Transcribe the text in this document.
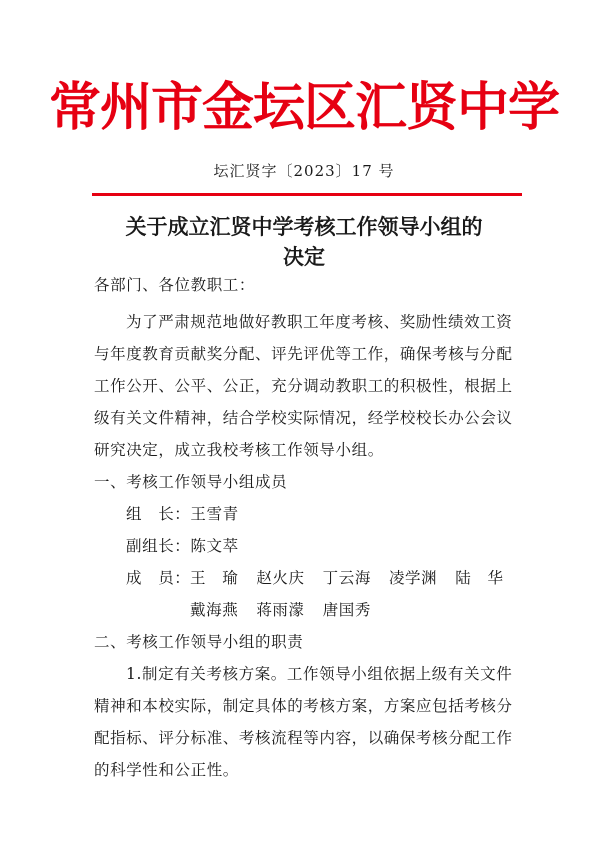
常州市金坛区汇贤中学
坛汇贤字〔2023〕17 号
关于成立汇贤中学考核工作领导小组的
决定
各部门、各位教职工：
为了严肃规范地做好教职工年度考核、奖励性绩效工资
与年度教育贡献奖分配、评先评优等工作，确保考核与分配
工作公开、公平、公正，充分调动教职工的积极性，根据上
级有关文件精神，结合学校实际情况，经学校校长办公会议
研究决定，成立我校考核工作领导小组。
一、考核工作领导小组成员
组　长：王雪青
副组长：陈文萃
成　员： 王　瑜 赵火庆 丁云海 凌学渊 陆　华
戴海燕 蒋雨濛 唐国秀
二、考核工作领导小组的职责
1.制定有关考核方案。工作领导小组依据上级有关文件
精神和本校实际，制定具体的考核方案，方案应包括考核分
配指标、评分标准、考核流程等内容，以确保考核分配工作
的科学性和公正性。
